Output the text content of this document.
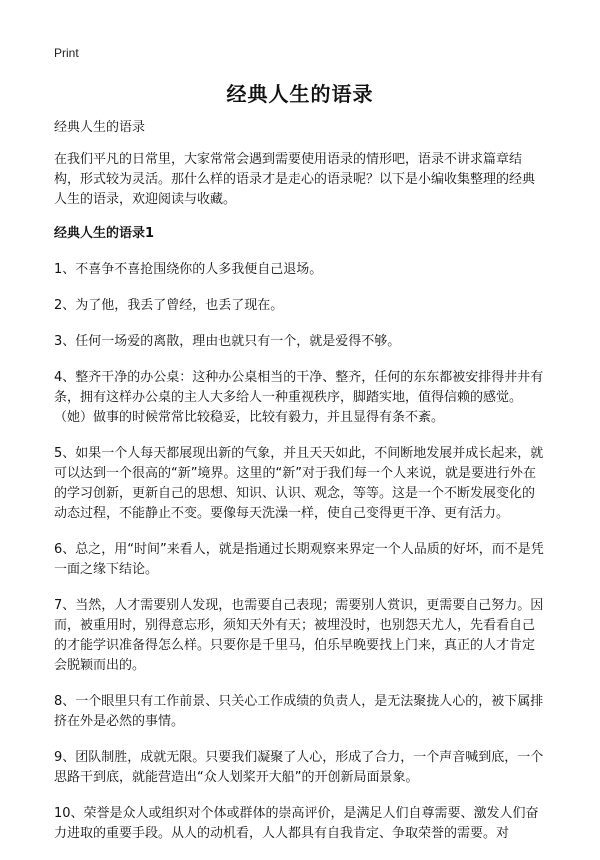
Print
经典人生的语录

经典人生的语录

在我们平凡的日常里，大家常常会遇到需要使用语录的情形吧，语录不讲求篇章结构，形式较为灵活。那什么样的语录才是走心的语录呢？以下是小编收集整理的经典人生的语录，欢迎阅读与收藏。

经典人生的语录1

1、不喜争不喜抢围绕你的人多我便自己退场。

2、为了他，我丢了曾经，也丢了现在。

3、任何一场爱的离散，理由也就只有一个，就是爱得不够。

4、整齐干净的办公桌：这种办公桌相当的干净、整齐，任何的东东都被安排得井井有条，拥有这样办公桌的主人大多给人一种重视秩序，脚踏实地，值得信赖的感觉。（她）做事的时候常常比较稳妥，比较有毅力，并且显得有条不紊。

5、如果一个人每天都展现出新的气象，并且天天如此，不间断地发展并成长起来，就可以达到一个很高的“新”境界。这里的“新”对于我们每一个人来说，就是要进行外在的学习创新，更新自己的思想、知识、认识、观念，等等。这是一个不断发展变化的动态过程，不能静止不变。要像每天洗澡一样，使自己变得更干净、更有活力。

6、总之，用“时间”来看人，就是指通过长期观察来界定一个人品质的好坏，而不是凭一面之缘下结论。

7、当然，人才需要别人发现，也需要自己表现；需要别人赏识，更需要自己努力。因而，被重用时，别得意忘形，须知天外有天；被埋没时，也别怨天尤人，先看看自己的才能学识准备得怎么样。只要你是千里马，伯乐早晚要找上门来，真正的人才肯定会脱颖而出的。

8、一个眼里只有工作前景、只关心工作成绩的负责人，是无法聚拢人心的，被下属排挤在外是必然的事情。

9、团队制胜，成就无限。只要我们凝聚了人心，形成了合力，一个声音喊到底，一个思路干到底，就能营造出“众人划桨开大船”的开创新局面景象。

10、荣誉是众人或组织对个体或群体的崇高评价，是满足人们自尊需要、激发人们奋力进取的重要手段。从人的动机看，人人都具有自我肯定、争取荣誉的需要。对
